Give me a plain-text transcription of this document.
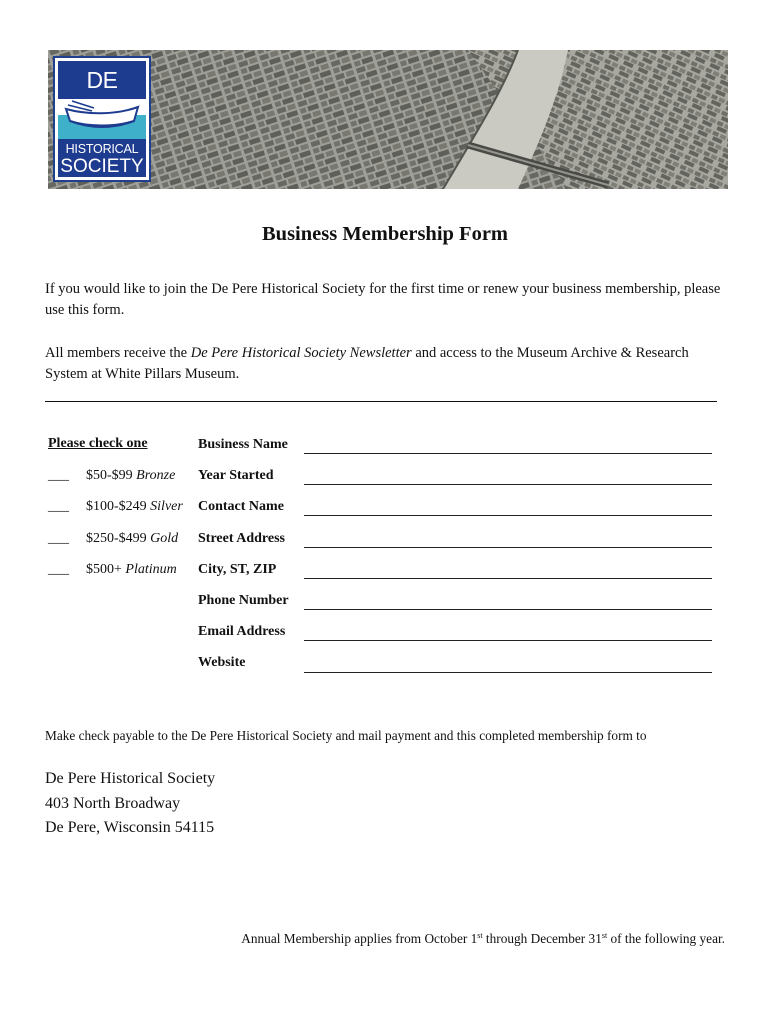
DE
HISTORICAL
SOCIETY
Business Membership Form

If you would like to join the De Pere Historical Society for the first time or renew your business membership, please use this form.

All members receive the De Pere Historical Society Newsletter and access to the Museum Archive & Research System at White Pillars Museum.

Please check one
___ $50-$99 Bronze
___ $100-$249 Silver
___ $250-$499 Gold
___ $500+ Platinum
Business Name
Year Started
Contact Name
Street Address
City, ST, ZIP
Phone Number
Email Address
Website
Make check payable to the De Pere Historical Society and mail payment and this completed membership form to
De Pere Historical Society
403 North Broadway
De Pere, Wisconsin 54115
Annual Membership applies from October 1st through December 31st of the following year.
